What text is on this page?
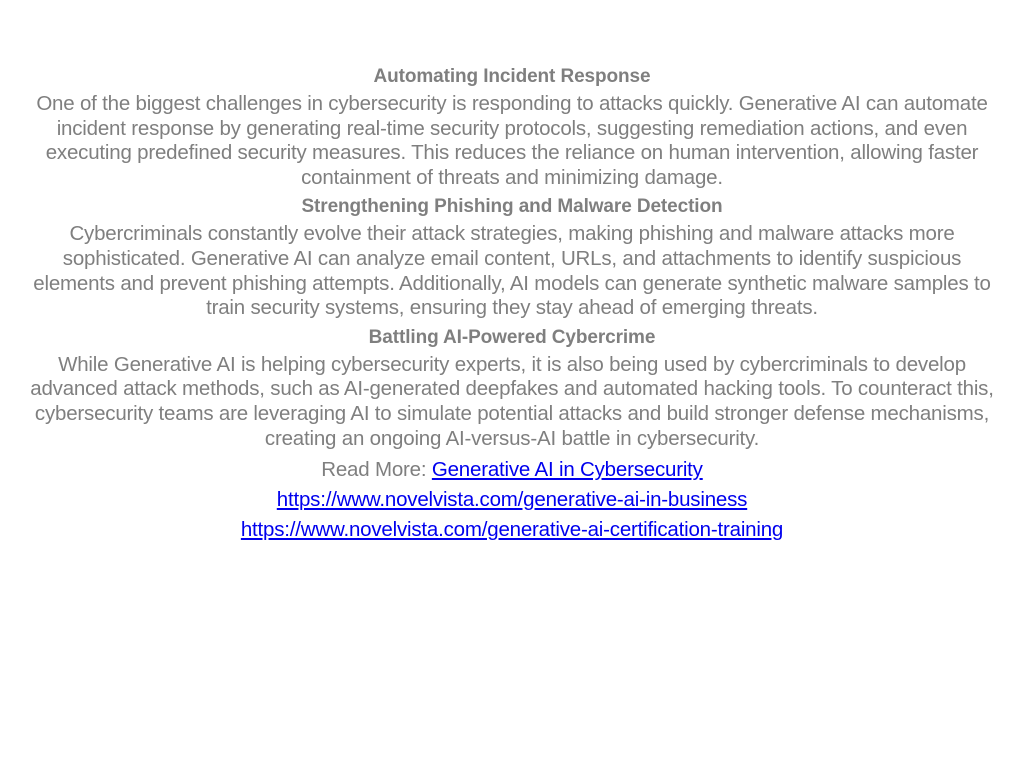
Automating Incident Response
One of the biggest challenges in cybersecurity is responding to attacks quickly. Generative AI can automate incident response by generating real-time security protocols, suggesting remediation actions, and even executing predefined security measures. This reduces the reliance on human intervention, allowing faster containment of threats and minimizing damage.
Strengthening Phishing and Malware Detection
Cybercriminals constantly evolve their attack strategies, making phishing and malware attacks more sophisticated. Generative AI can analyze email content, URLs, and attachments to identify suspicious elements and prevent phishing attempts. Additionally, AI models can generate synthetic malware samples to train security systems, ensuring they stay ahead of emerging threats.
Battling AI-Powered Cybercrime
While Generative AI is helping cybersecurity experts, it is also being used by cybercriminals to develop advanced attack methods, such as AI-generated deepfakes and automated hacking tools. To counteract this, cybersecurity teams are leveraging AI to simulate potential attacks and build stronger defense mechanisms, creating an ongoing AI-versus-AI battle in cybersecurity.
Read More: Generative AI in Cybersecurity
https://www.novelvista.com/generative-ai-in-business
https://www.novelvista.com/generative-ai-certification-training
